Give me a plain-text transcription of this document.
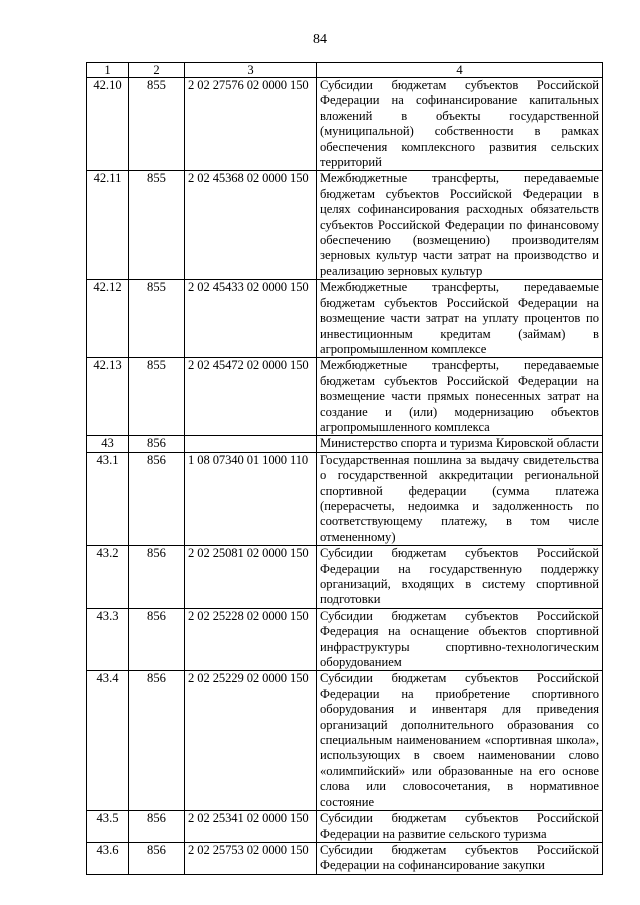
84
1	2	3	4
42.10	855	2 02 27576 02 0000 150	Субсидии бюджетам субъектов Российской Федерации на софинансирование капитальных вложений в объекты государственной (муниципальной) собственности в рамках обеспечения комплексного развития сельских территорий
42.11	855	2 02 45368 02 0000 150	Межбюджетные трансферты, передаваемые бюджетам субъектов Российской Федерации в целях софинансирования расходных обязательств субъектов Российской Федерации по финансовому обеспечению (возмещению) производителям зерновых культур части затрат на производство и реализацию зерновых культур
42.12	855	2 02 45433 02 0000 150	Межбюджетные трансферты, передаваемые бюджетам субъектов Российской Федерации на возмещение части затрат на уплату процентов по инвестиционным кредитам (займам) в агропромышленном комплексе
42.13	855	2 02 45472 02 0000 150	Межбюджетные трансферты, передаваемые бюджетам субъектов Российской Федерации на возмещение части прямых понесенных затрат на создание и (или) модернизацию объектов агропромышленного комплекса
43	856		Министерство спорта и туризма Кировской области
43.1	856	1 08 07340 01 1000 110	Государственная пошлина за выдачу свидетельства о государственной аккредитации региональной спортивной федерации (сумма платежа (перерасчеты, недоимка и задолженность по соответствующему платежу, в том числе отмененному)
43.2	856	2 02 25081 02 0000 150	Субсидии бюджетам субъектов Российской Федерации на государственную поддержку организаций, входящих в систему спортивной подготовки
43.3	856	2 02 25228 02 0000 150	Субсидии бюджетам субъектов Российской Федерация на оснащение объектов спортивной инфраструктуры спортивно-технологическим оборудованием
43.4	856	2 02 25229 02 0000 150	Субсидии бюджетам субъектов Российской Федерации на приобретение спортивного оборудования и инвентаря для приведения организаций дополнительного образования со специальным наименованием «спортивная школа», использующих в своем наименовании слово «олимпийский» или образованные на его основе слова или словосочетания, в нормативное состояние
43.5	856	2 02 25341 02 0000 150	Субсидии бюджетам субъектов Российской Федерации на развитие сельского туризма
43.6	856	2 02 25753 02 0000 150	Субсидии бюджетам субъектов Российской Федерации на софинансирование закупки
